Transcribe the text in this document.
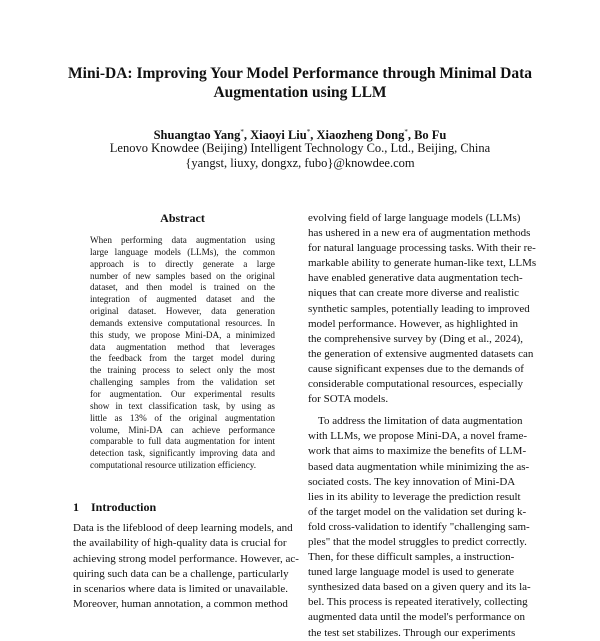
Mini-DA: Improving Your Model Performance through Minimal Data
Augmentation using LLM
Shuangtao Yang*, Xiaoyi Liu*, Xiaozheng Dong*, Bo Fu
Lenovo Knowdee (Beijing) Intelligent Technology Co., Ltd., Beijing, China
{yangst, liuxy, dongxz, fubo}@knowdee.com
Abstract
When performing data augmentation using
large language models (LLMs), the common
approach is to directly generate a large
number of new samples based on the original
dataset, and then model is trained on the
integration of augmented dataset and the
original dataset. However, data generation
demands extensive computational resources. In
this study, we propose Mini-DA, a minimized
data augmentation method that leverages
the feedback from the target model during
the training process to select only the most
challenging samples from the validation set
for augmentation. Our experimental results
show in text classification task, by using as
little as 13% of the original augmentation
volume, Mini-DA can achieve performance
comparable to full data augmentation for intent
detection task, significantly improving data and
computational resource utilization efficiency.
1 Introduction
Data is the lifeblood of deep learning models, and
the availability of high-quality data is crucial for
achieving strong model performance. However, ac-
quiring such data can be a challenge, particularly
in scenarios where data is limited or unavailable.
Moreover, human annotation, a common method
evolving field of large language models (LLMs)
has ushered in a new era of augmentation methods
for natural language processing tasks. With their re-
markable ability to generate human-like text, LLMs
have enabled generative data augmentation tech-
niques that can create more diverse and realistic
synthetic samples, potentially leading to improved
model performance. However, as highlighted in
the comprehensive survey by (Ding et al., 2024),
the generation of extensive augmented datasets can
cause significant expenses due to the demands of
considerable computational resources, especially
for SOTA models.
To address the limitation of data augmentation
with LLMs, we propose Mini-DA, a novel frame-
work that aims to maximize the benefits of LLM-
based data augmentation while minimizing the as-
sociated costs. The key innovation of Mini-DA
lies in its ability to leverage the prediction result
of the target model on the validation set during k-
fold cross-validation to identify "challenging sam-
ples" that the model struggles to predict correctly.
Then, for these difficult samples, a instruction-
tuned large language model is used to generate
synthesized data based on a given query and its la-
bel. This process is repeated iteratively, collecting
augmented data until the model's performance on
the test set stabilizes. Through our experiments
